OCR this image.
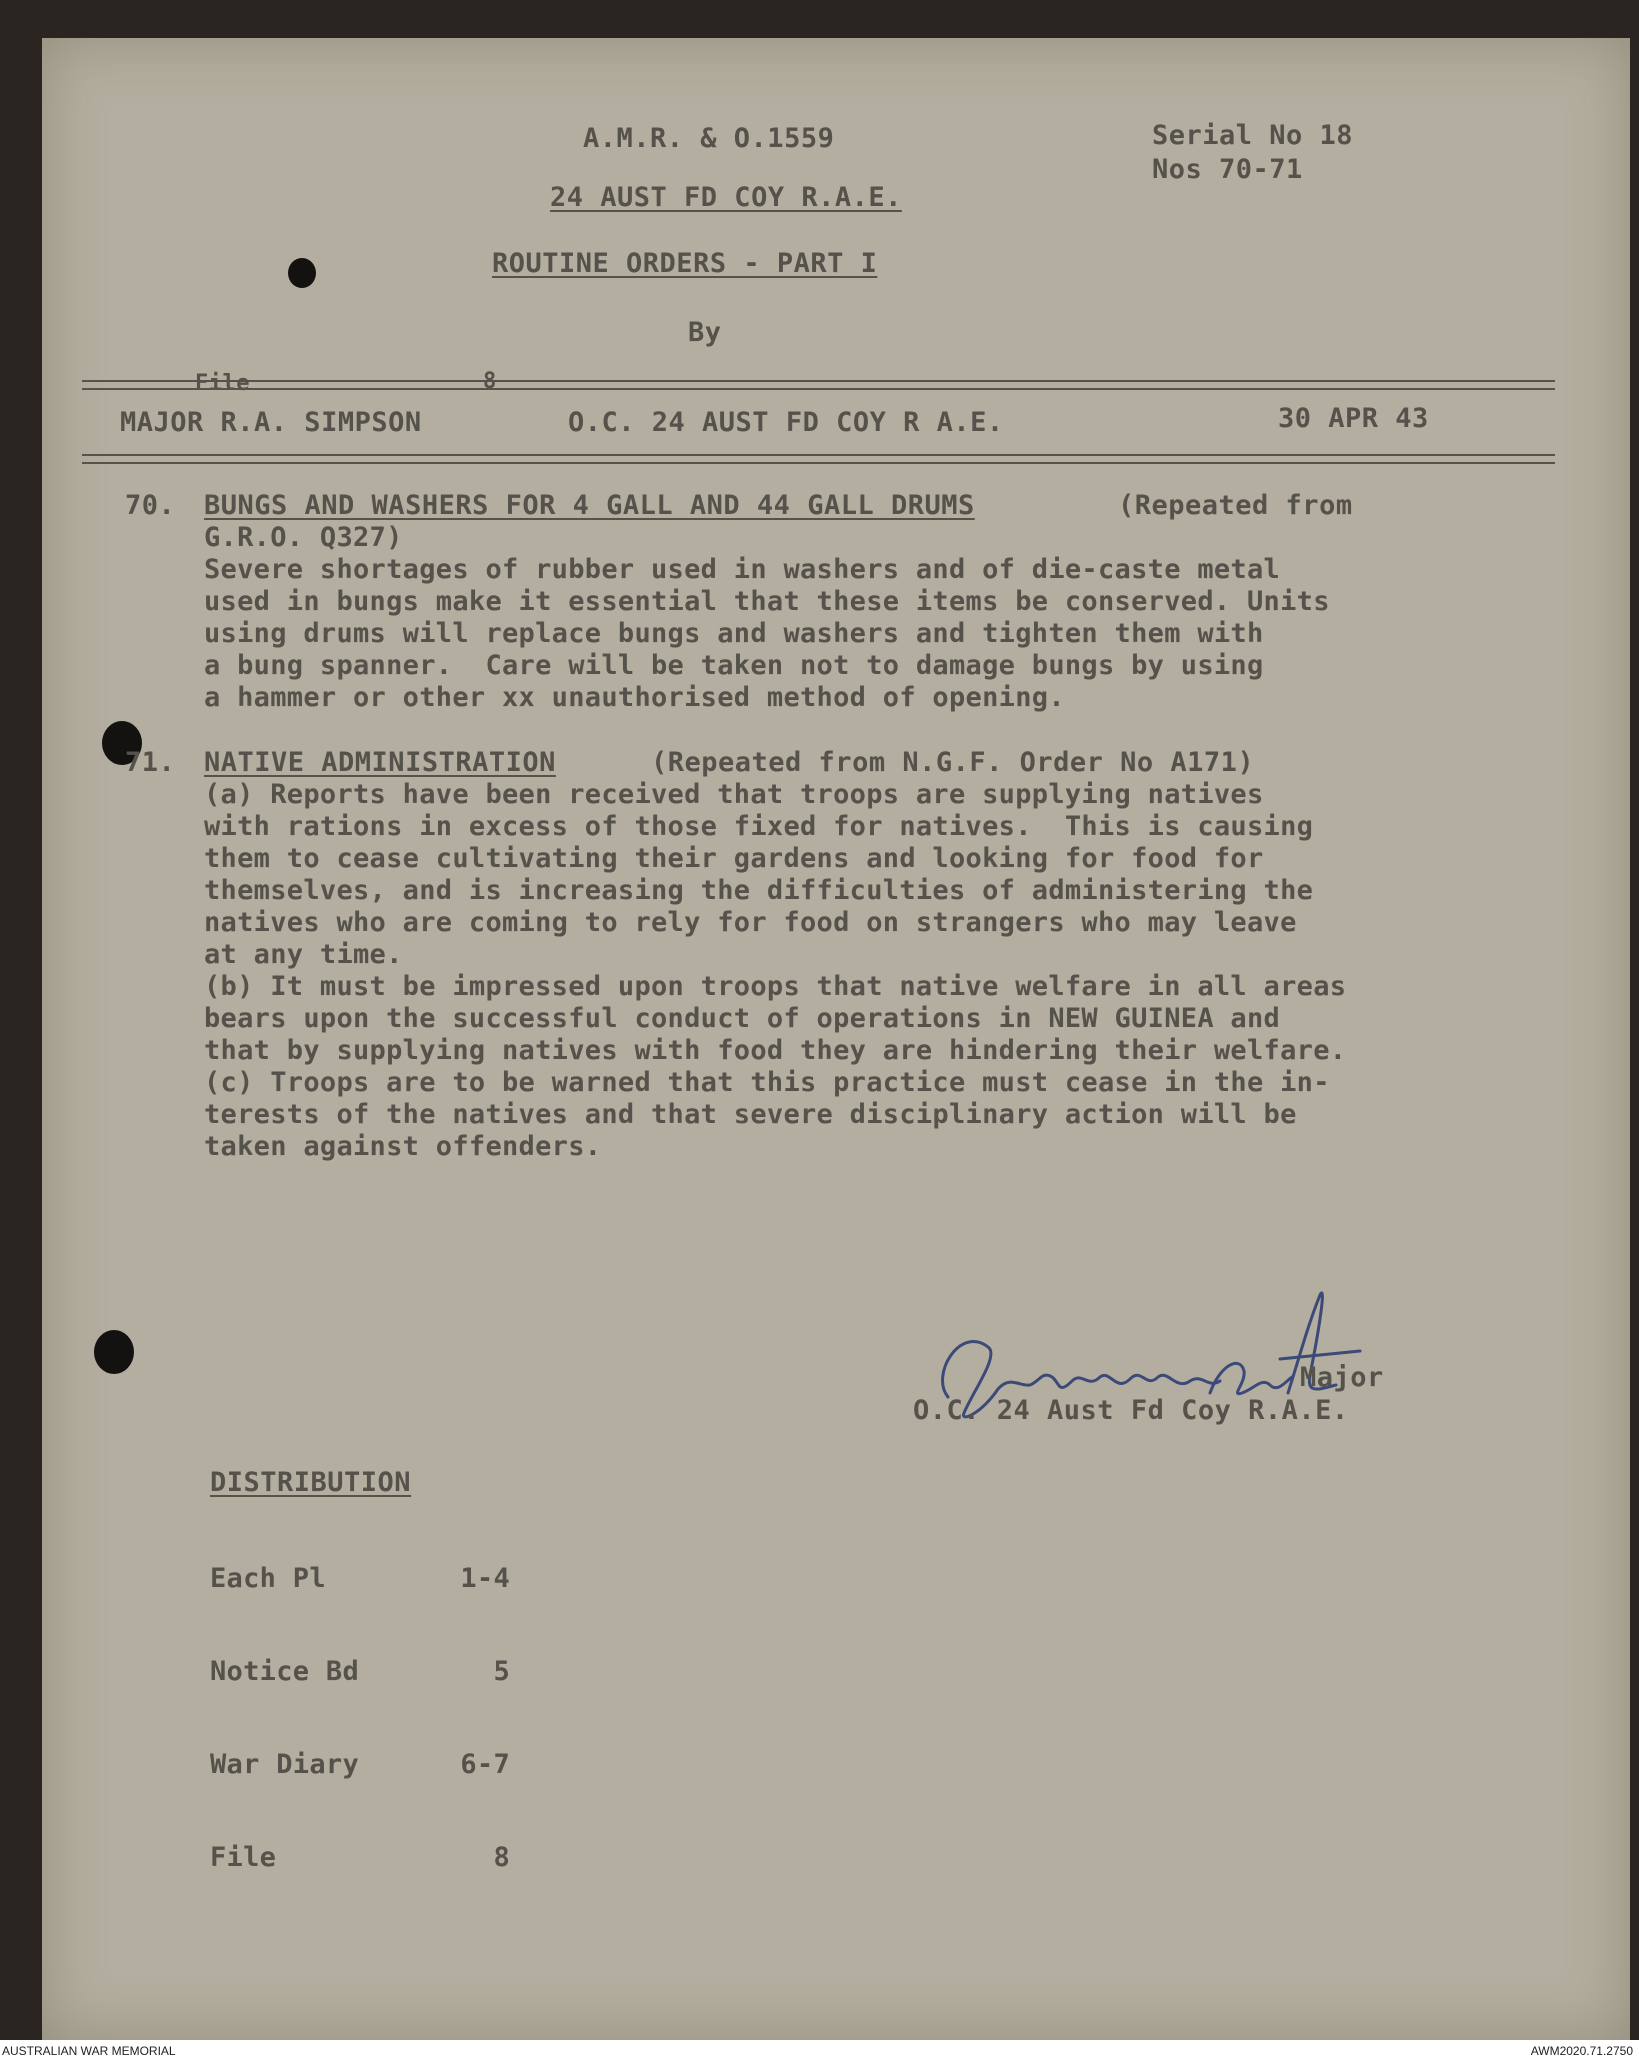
A.M.R. & O.1559	Serial No 18
Nos 70-71
24 AUST FD COY R.A.E.
ROUTINE ORDERS - PART I
By
File	8
MAJOR R.A. SIMPSON	O.C. 24 AUST FD COY R A.E.	30 APR 43
70. BUNGS AND WASHERS FOR 4 GALL AND 44 GALL DRUMS	(Repeated from
G.R.O. Q327)
Severe shortages of rubber used in washers and of die-caste metal
used in bungs make it essential that these items be conserved. Units
using drums will replace bungs and washers and tighten them with
a bung spanner.  Care will be taken not to damage bungs by using
a hammer or other xx unauthorised method of opening.
71. NATIVE ADMINISTRATION	(Repeated from N.G.F. Order No A171)
(a) Reports have been received that troops are supplying natives
with rations in excess of those fixed for natives.  This is causing
them to cease cultivating their gardens and looking for food for
themselves, and is increasing the difficulties of administering the
natives who are coming to rely for food on strangers who may leave
at any time.
(b) It must be impressed upon troops that native welfare in all areas
bears upon the successful conduct of operations in NEW GUINEA and
that by supplying natives with food they are hindering their welfare.
(c) Troops are to be warned that this practice must cease in the in-
terests of the natives and that severe disciplinary action will be
taken against offenders.
Herriman Capt
Major
O.C. 24 Aust Fd Coy R.A.E.
DISTRIBUTION

Each Pl	1-4

Notice Bd	5

War Diary	6-7

File	8

AUSTRALIAN WAR MEMORIAL	AWM2020.71.2750
